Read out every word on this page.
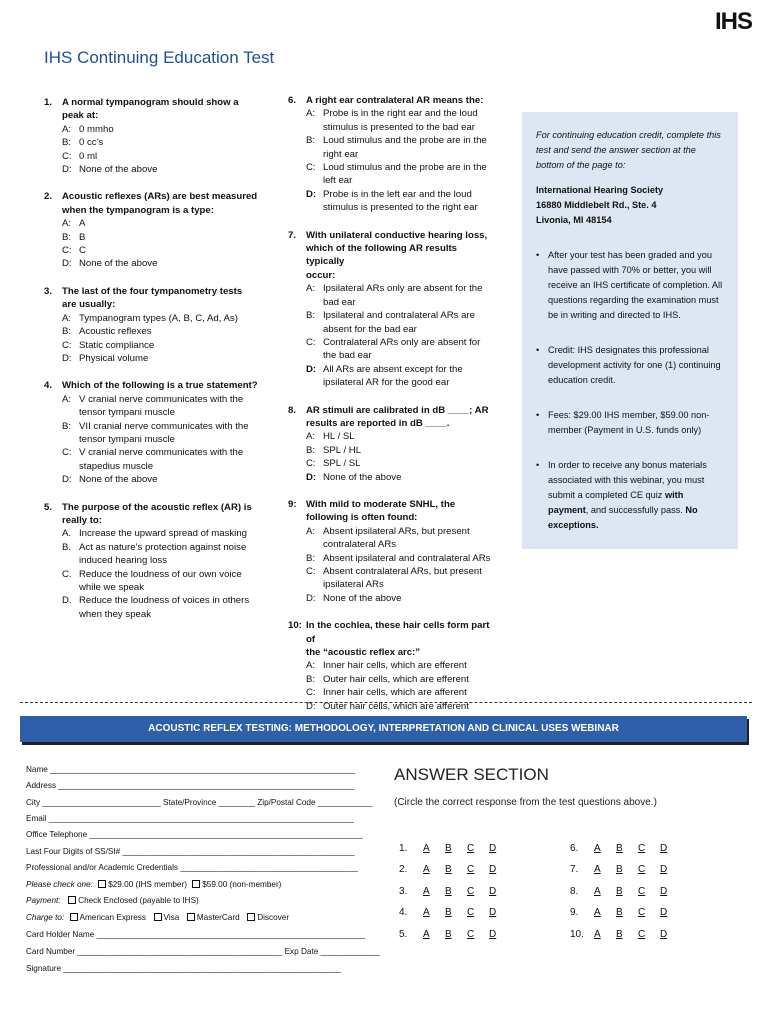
IHS
IHS Continuing Education Test
1.	A normal tympanogram should show a
peak at:
A: 0 mmho
B: 0 cc’s
C: 0 ml
D: None of the above
2.	Acoustic reflexes (ARs) are best measured
when the tympanogram is a type:
A: A
B: B
C: C
D: None of the above
3.	The last of the four tympanometry tests
are usually:
A: Tympanogram types (A, B, C, Ad, As)
B: Acoustic reflexes
C: Static compliance
D: Physical volume
4.	Which of the following is a true statement?
A: V cranial nerve communicates with the
tensor tympani muscle
B: VII cranial nerve communicates with the
tensor tympani muscle
C: V cranial nerve communicates with the
stapedius muscle
D: None of the above
5.	The purpose of the acoustic reflex (AR) is
really to:
A. Increase the upward spread of masking
B. Act as nature’s protection against noise
induced hearing loss
C. Reduce the loudness of our own voice
while we speak
D. Reduce the loudness of voices in others
when they speak
6.	A right ear contralateral AR means the:
A: Probe is in the right ear and the loud
stimulus is presented to the bad ear
B: Loud stimulus and the probe are in the
right ear
C: Loud stimulus and the probe are in the
left ear
D: Probe is in the left ear and the loud
stimulus is presented to the right ear
7.	With unilateral conductive hearing loss,
which of the following AR results typically
occur:
A: Ipsilateral ARs only are absent for the
bad ear
B: Ipsilateral and contralateral ARs are
absent for the bad ear
C: Contralateral ARs only are absent for
the bad ear
D: All ARs are absent except for the
ipsilateral AR for the good ear
8.	AR stimuli are calibrated in dB ____; AR
results are reported in dB ____.
A: HL / SL
B: SPL / HL
C: SPL / SL
D: None of the above
9: With mild to moderate SNHL, the
following is often found:
A: Absent ipsilateral ARs, but present
contralateral ARs
B: Absent ipsilateral and contralateral ARs
C: Absent contralateral ARs, but present
ipsilateral ARs
D: None of the above
10: In the cochlea, these hair cells form part of
the “acoustic reflex arc:”
A: Inner hair cells, which are efferent
B: Outer hair cells, which are efferent
C: Inner hair cells, which are afferent
D: Outer hair cells, which are afferent
For continuing education credit, complete this test and send the answer section at the bottom of the page to:
International Hearing Society
16880 Middlebelt Rd., Ste. 4
Livonia, MI 48154
• After your test has been graded and you have passed with 70% or better, you will receive an IHS certificate of completion. All questions regarding the examination must be in writing and directed to IHS.
• Credit: IHS designates this professional development activity for one (1) continuing education credit.
• Fees: $29.00 IHS member, $59.00 non-member (Payment in U.S. funds only)
• In order to receive any bonus materials associated with this webinar, you must submit a completed CE quiz with payment, and successfully pass. No exceptions.
ACOUSTIC REFLEX TESTING: METHODOLOGY, INTERPRETATION AND CLINICAL USES WEBINAR
Name ___________________________________________________________________
Address _________________________________________________________________
City __________________________ State/Province ________ Zip/Postal Code ____________
Email ___________________________________________________________________
Office Telephone ____________________________________________________________
Last Four Digits of SS/SI# ___________________________________________________
Professional and/or Academic Credentials _______________________________________
Please check one: $29.00 (IHS member) $59.00 (non-member)
Payment: Check Enclosed (payable to IHS)
Charge to: American Express Visa MasterCard Discover
Card Holder Name ___________________________________________________________
Card Number _____________________________________________ Exp Date _____________
Signature _____________________________________________________________
ANSWER SECTION
(Circle the correct response from the test questions above.)
1.	A	B	C	D
2.	A	B	C	D
3.	A	B	C	D
4.	A	B	C	D
5.	A	B	C	D
6.	A	B	C	D
7.	A	B	C	D
8.	A	B	C	D
9.	A	B	C	D
10.	A	B	C	D
